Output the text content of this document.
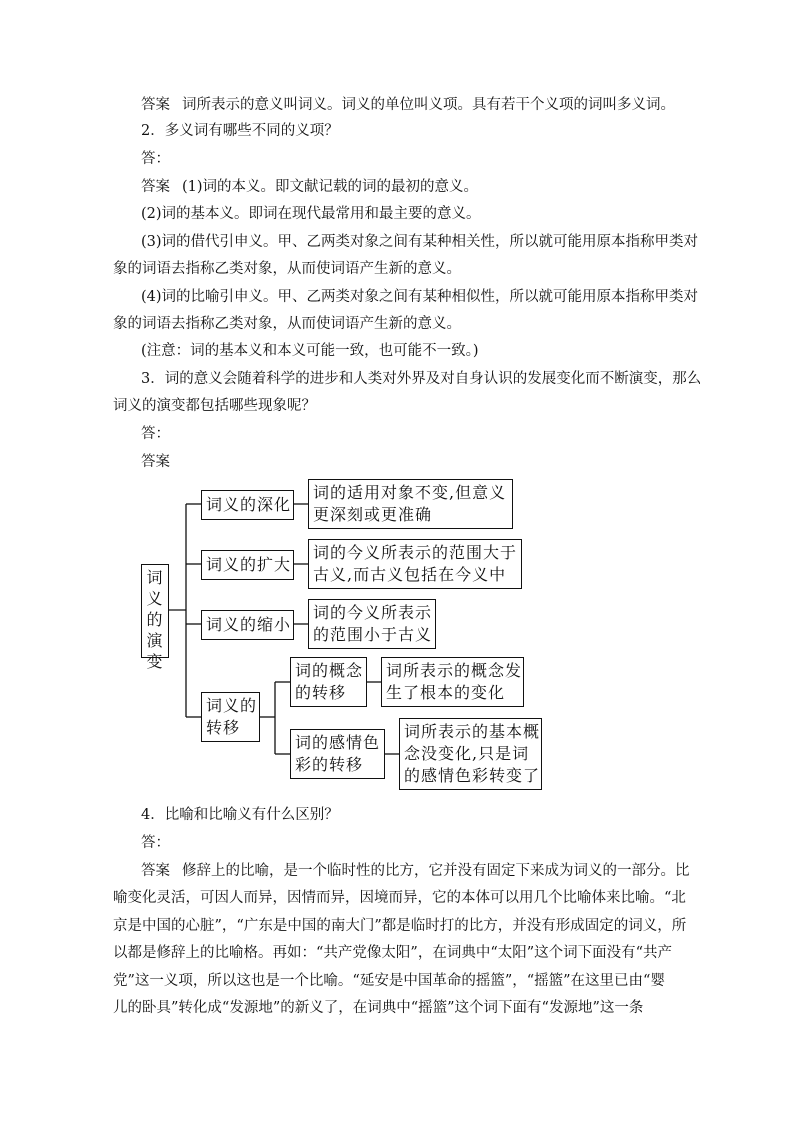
答案 词所表示的意义叫词义。词义的单位叫义项。具有若干个义项的词叫多义词。
2．多义词有哪些不同的义项？
答：
答案 (1)词的本义。即文献记载的词的最初的意义。
(2)词的基本义。即词在现代最常用和最主要的意义。
(3)词的借代引申义。甲、乙两类对象之间有某种相关性，所以就可能用原本指称甲类对
象的词语去指称乙类对象，从而使词语产生新的意义。
(4)词的比喻引申义。甲、乙两类对象之间有某种相似性，所以就可能用原本指称甲类对
象的词语去指称乙类对象，从而使词语产生新的意义。
(注意：词的基本义和本义可能一致，也可能不一致。)
3．词的意义会随着科学的进步和人类对外界及对自身认识的发展变化而不断演变，那么
词义的演变都包括哪些现象呢？
答：
答案
词
义
的
演
变
词义的深化
词的适用对象不变,但意义
更深刻或更准确
词义的扩大
词的今义所表示的范围大于
古义,而古义包括在今义中
词义的缩小
词的今义所表示
的范围小于古义
词义的
转移
词的概念
的转移
词所表示的概念发
生了根本的变化
词的感情色
彩的转移
词所表示的基本概
念没变化,只是词
的感情色彩转变了
4．比喻和比喻义有什么区别？
答：
答案 修辞上的比喻，是一个临时性的比方，它并没有固定下来成为词义的一部分。比
喻变化灵活，可因人而异，因情而异，因境而异，它的本体可以用几个比喻体来比喻。“北
京是中国的心脏”，“广东是中国的南大门”都是临时打的比方，并没有形成固定的词义，所
以都是修辞上的比喻格。再如：“共产党像太阳”，在词典中“太阳”这个词下面没有“共产
党”这一义项，所以这也是一个比喻。“延安是中国革命的摇篮”，“摇篮”在这里已由“婴
儿的卧具”转化成“发源地”的新义了，在词典中“摇篮”这个词下面有“发源地”这一条
